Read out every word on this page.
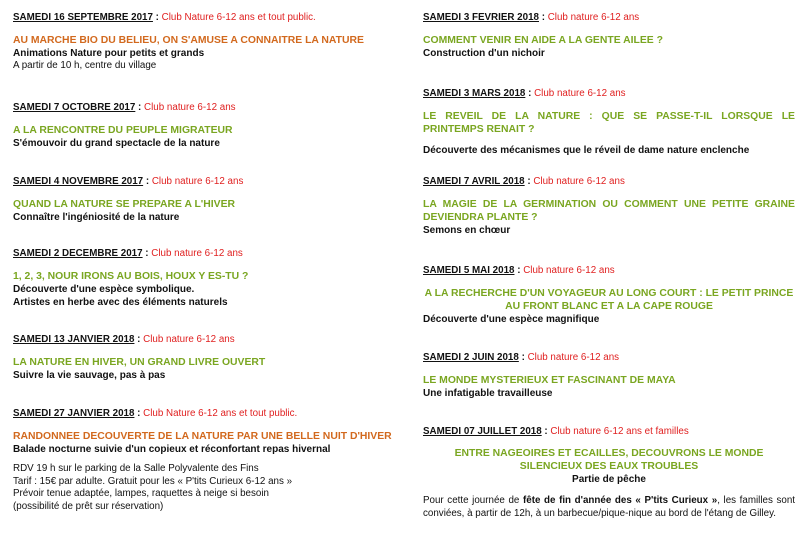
SAMEDI 16 SEPTEMBRE 2017 : Club Nature 6-12 ans et tout public.
AU MARCHE BIO DU BELIEU, ON S'AMUSE A CONNAITRE LA NATURE
Animations Nature pour petits et grands
A partir de 10 h, centre du village
SAMEDI 7 OCTOBRE 2017 : Club nature 6-12 ans
A LA RENCONTRE DU PEUPLE MIGRATEUR
S'émouvoir du grand spectacle de la nature
SAMEDI 4 NOVEMBRE 2017 : Club nature 6-12 ans
QUAND LA NATURE SE PREPARE A L'HIVER
Connaître l'ingéniosité de la nature
SAMEDI 2 DECEMBRE 2017 : Club nature 6-12 ans
1, 2, 3, NOUR IRONS AU BOIS, HOUX Y ES-TU ?
Découverte d'une espèce symbolique.
Artistes en herbe avec des éléments naturels
SAMEDI 13 JANVIER 2018 : Club nature 6-12 ans
LA NATURE EN HIVER, UN GRAND LIVRE OUVERT
Suivre la vie sauvage, pas à pas
SAMEDI 27 JANVIER 2018 : Club Nature 6-12 ans et tout public.
RANDONNEE DECOUVERTE DE LA NATURE PAR UNE BELLE NUIT D'HIVER
Balade nocturne suivie d'un copieux et réconfortant repas hivernal
RDV 19 h sur le parking de la Salle Polyvalente des Fins
Tarif : 15€ par adulte. Gratuit pour les « P'tits Curieux 6-12 ans »
Prévoir tenue adaptée, lampes, raquettes à neige si besoin
(possibilité de prêt sur réservation)
SAMEDI 3 FEVRIER 2018 : Club nature 6-12 ans
COMMENT VENIR EN AIDE A LA GENTE AILEE ?
Construction d'un nichoir
SAMEDI 3 MARS 2018 : Club nature 6-12 ans
LE REVEIL DE LA NATURE : QUE SE PASSE-T-IL LORSQUE LE PRINTEMPS RENAIT ?
Découverte des mécanismes que le réveil de dame nature enclenche
SAMEDI 7 AVRIL 2018 : Club nature 6-12 ans
LA MAGIE DE LA GERMINATION OU COMMENT UNE PETITE GRAINE DEVIENDRA PLANTE ?
Semons en chœur
SAMEDI 5 MAI 2018 : Club nature 6-12 ans
A LA RECHERCHE D'UN VOYAGEUR AU LONG COURT : LE PETIT PRINCE AU FRONT BLANC ET A LA CAPE ROUGE
Découverte d'une espèce magnifique
SAMEDI 2 JUIN 2018 : Club nature 6-12 ans
LE MONDE MYSTERIEUX ET FASCINANT DE MAYA
Une infatigable travailleuse
SAMEDI 07 JUILLET 2018 : Club nature 6-12 ans et familles
ENTRE NAGEOIRES ET ECAILLES, DECOUVRONS LE MONDE SILENCIEUX DES EAUX TROUBLES
Partie de pêche
Pour cette journée de fête de fin d'année des « P'tits Curieux », les familles sont conviées, à partir de 12h, à un barbecue/pique-nique au bord de l'étang de Gilley.
